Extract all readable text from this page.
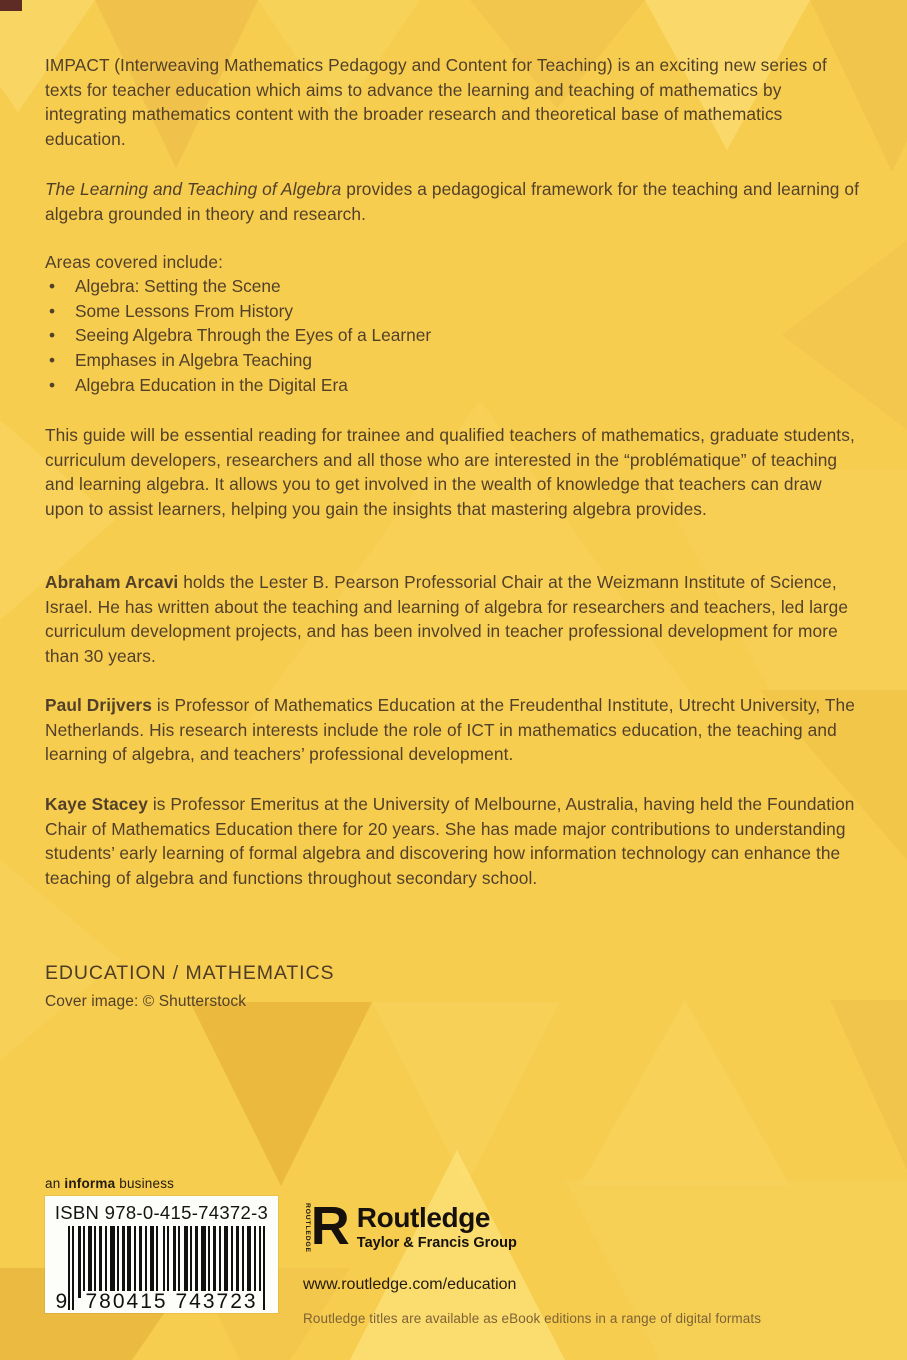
IMPACT (Interweaving Mathematics Pedagogy and Content for Teaching) is an exciting new series of texts for teacher education which aims to advance the learning and teaching of mathematics by integrating mathematics content with the broader research and theoretical base of mathematics education.

The Learning and Teaching of Algebra provides a pedagogical framework for the teaching and learning of algebra grounded in theory and research.

Areas covered include:

• Algebra: Setting the Scene
• Some Lessons From History
• Seeing Algebra Through the Eyes of a Learner
• Emphases in Algebra Teaching
• Algebra Education in the Digital Era

This guide will be essential reading for trainee and qualified teachers of mathematics, graduate students, curriculum developers, researchers and all those who are interested in the “problématique” of teaching and learning algebra. It allows you to get involved in the wealth of knowledge that teachers can draw upon to assist learners, helping you gain the insights that mastering algebra provides.

Abraham Arcavi holds the Lester B. Pearson Professorial Chair at the Weizmann Institute of Science, Israel. He has written about the teaching and learning of algebra for researchers and teachers, led large curriculum development projects, and has been involved in teacher professional development for more than 30 years.

Paul Drijvers is Professor of Mathematics Education at the Freudenthal Institute, Utrecht University, The Netherlands. His research interests include the role of ICT in mathematics education, the teaching and learning of algebra, and teachers’ professional development.

Kaye Stacey is Professor Emeritus at the University of Melbourne, Australia, having held the Foundation Chair of Mathematics Education there for 20 years. She has made major contributions to understanding students’ early learning of formal algebra and discovering how information technology can enhance the teaching of algebra and functions throughout secondary school.

EDUCATION / MATHEMATICS

Cover image: © Shutterstock

an informa business

ISBN 978-0-415-74372-3

9 780415 743723
ROUTLEDGE R Routledge
Taylor & Francis Group

www.routledge.com/education

Routledge titles are available as eBook editions in a range of digital formats
